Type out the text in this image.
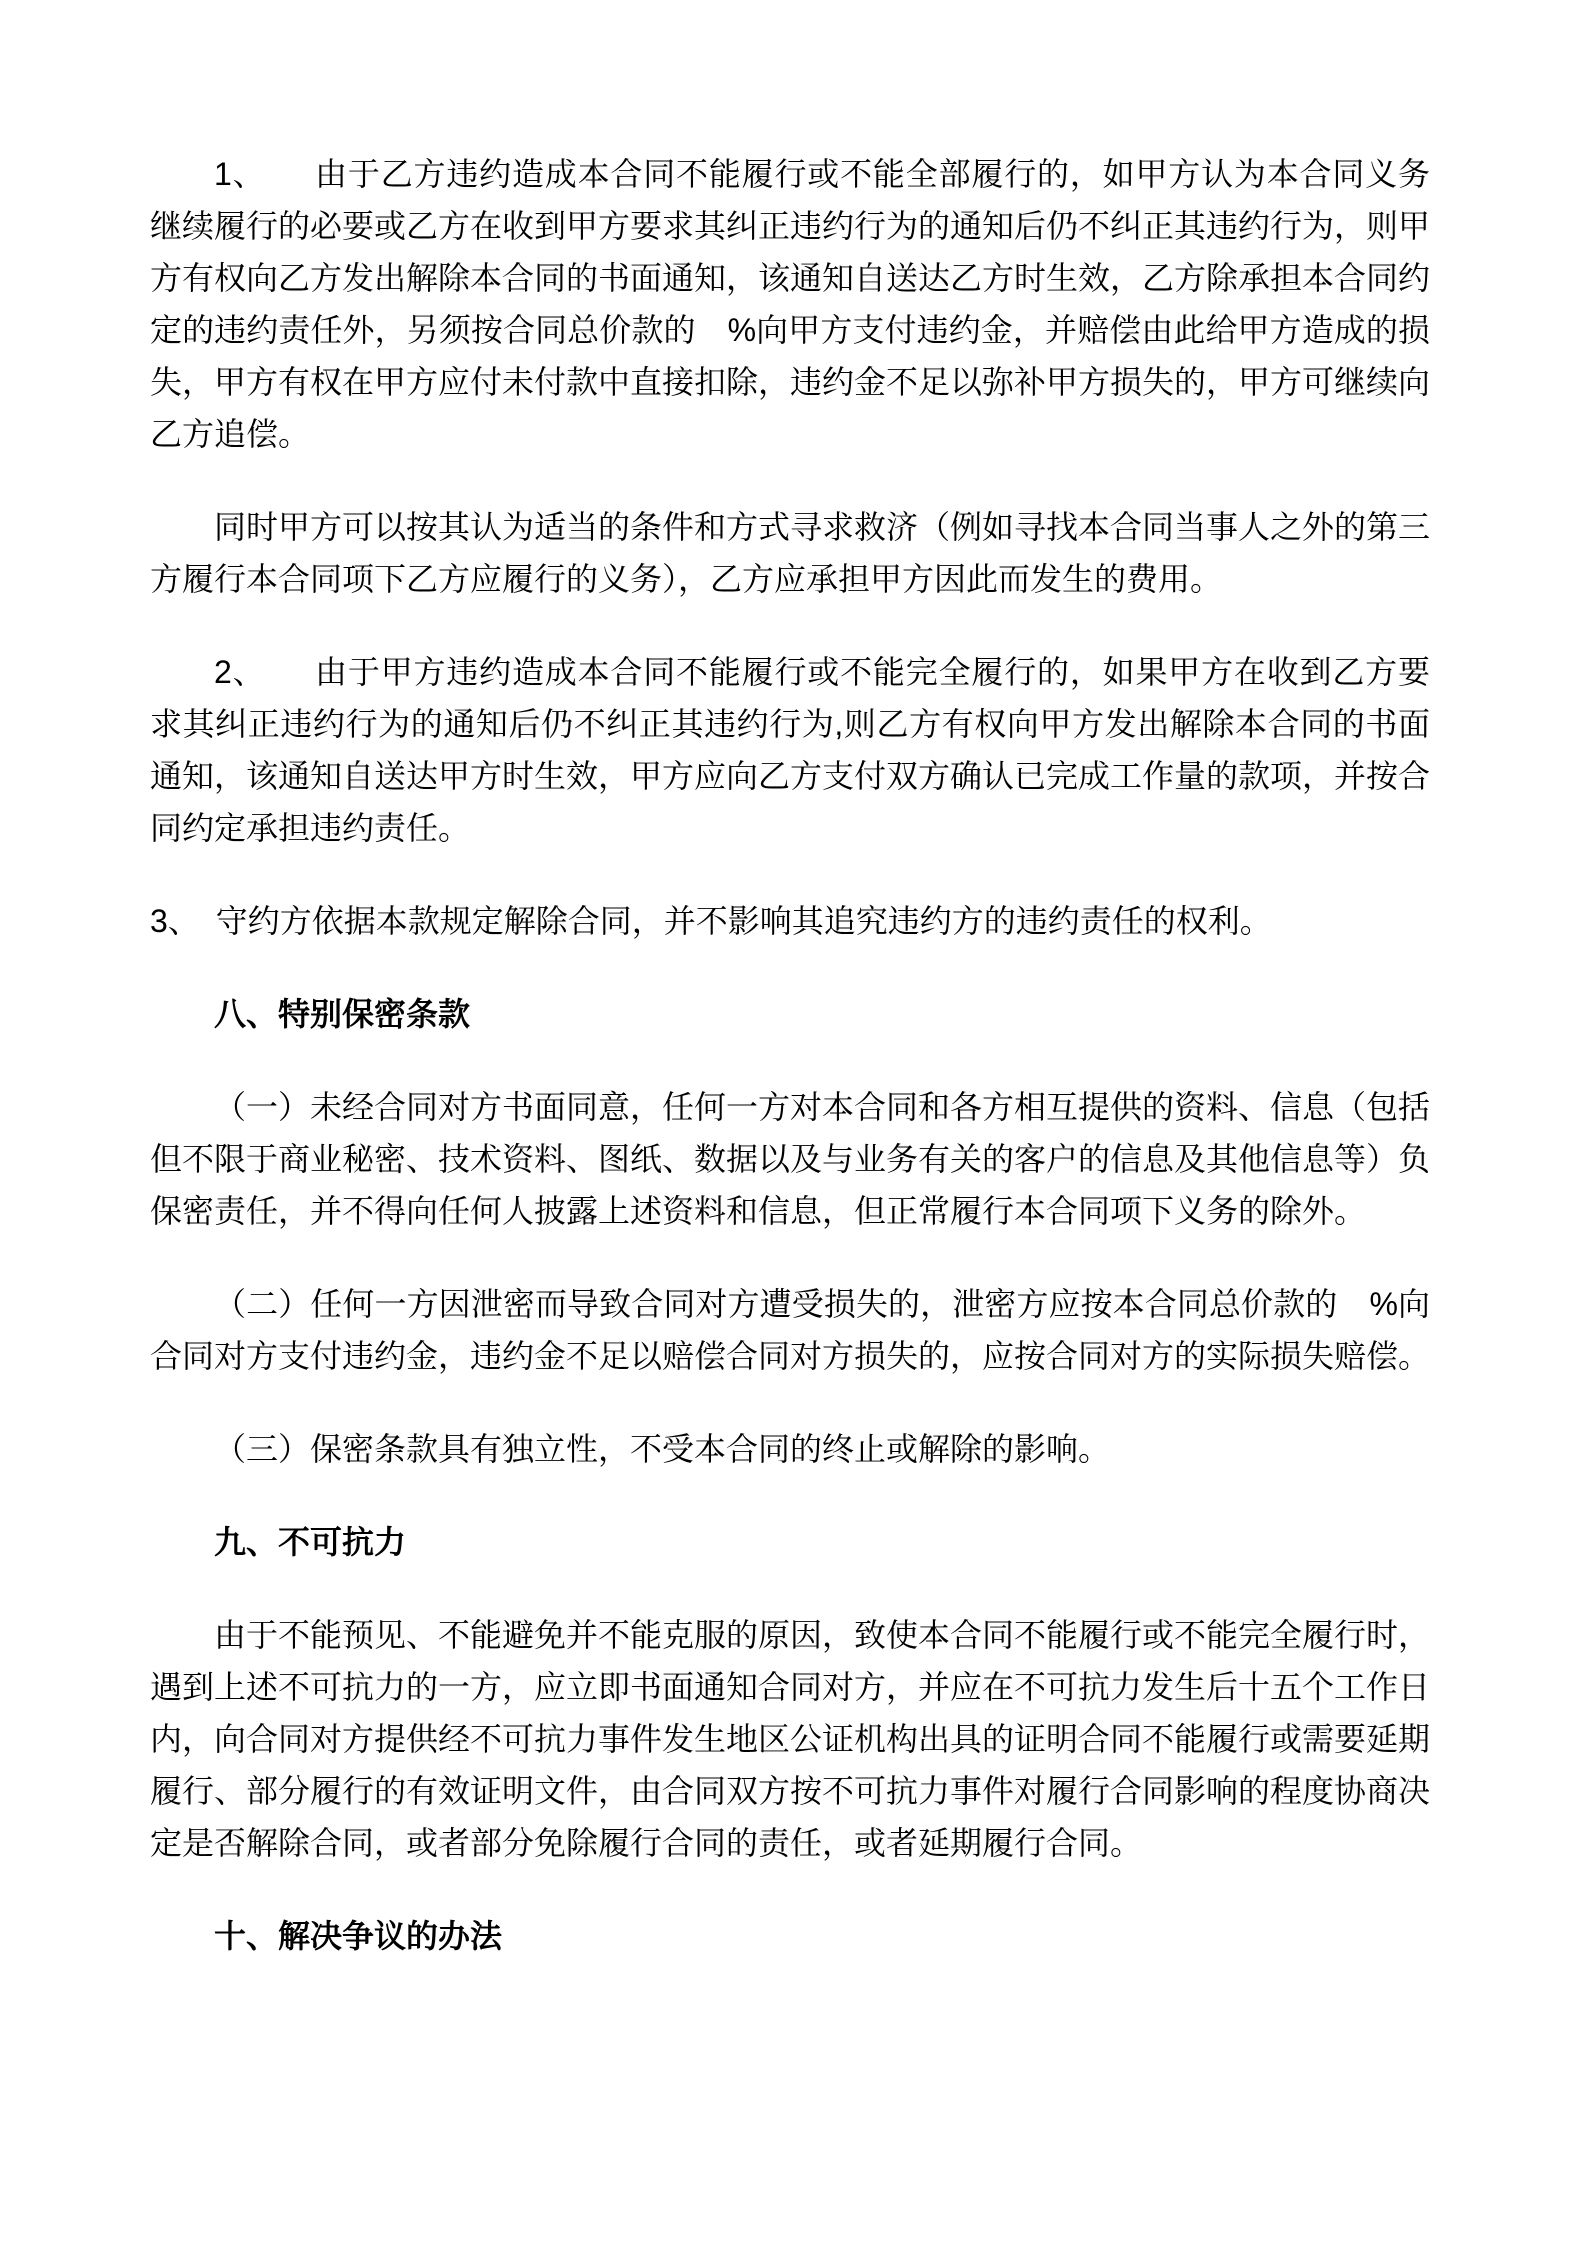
1、　　由于乙方违约造成本合同不能履行或不能全部履行的，如甲方认为本合同义务继续履行的必要或乙方在收到甲方要求其纠正违约行为的通知后仍不纠正其违约行为，则甲方有权向乙方发出解除本合同的书面通知，该通知自送达乙方时生效，乙方除承担本合同约定的违约责任外，另须按合同总价款的　%向甲方支付违约金，并赔偿由此给甲方造成的损失，甲方有权在甲方应付未付款中直接扣除，违约金不足以弥补甲方损失的，甲方可继续向乙方追偿。

同时甲方可以按其认为适当的条件和方式寻求救济（例如寻找本合同当事人之外的第三方履行本合同项下乙方应履行的义务），乙方应承担甲方因此而发生的费用。

2、　　由于甲方违约造成本合同不能履行或不能完全履行的，如果甲方在收到乙方要求其纠正违约行为的通知后仍不纠正其违约行为,则乙方有权向甲方发出解除本合同的书面通知，该通知自送达甲方时生效，甲方应向乙方支付双方确认已完成工作量的款项，并按合同约定承担违约责任。

3、　守约方依据本款规定解除合同，并不影响其追究违约方的违约责任的权利。

八、特别保密条款

（一）未经合同对方书面同意，任何一方对本合同和各方相互提供的资料、信息（包括但不限于商业秘密、技术资料、图纸、数据以及与业务有关的客户的信息及其他信息等）负保密责任，并不得向任何人披露上述资料和信息，但正常履行本合同项下义务的除外。

（二）任何一方因泄密而导致合同对方遭受损失的，泄密方应按本合同总价款的　%向合同对方支付违约金，违约金不足以赔偿合同对方损失的，应按合同对方的实际损失赔偿。

（三）保密条款具有独立性，不受本合同的终止或解除的影响。

九、不可抗力

由于不能预见、不能避免并不能克服的原因，致使本合同不能履行或不能完全履行时，遇到上述不可抗力的一方，应立即书面通知合同对方，并应在不可抗力发生后十五个工作日内，向合同对方提供经不可抗力事件发生地区公证机构出具的证明合同不能履行或需要延期履行、部分履行的有效证明文件，由合同双方按不可抗力事件对履行合同影响的程度协商决定是否解除合同，或者部分免除履行合同的责任，或者延期履行合同。

十、解决争议的办法
